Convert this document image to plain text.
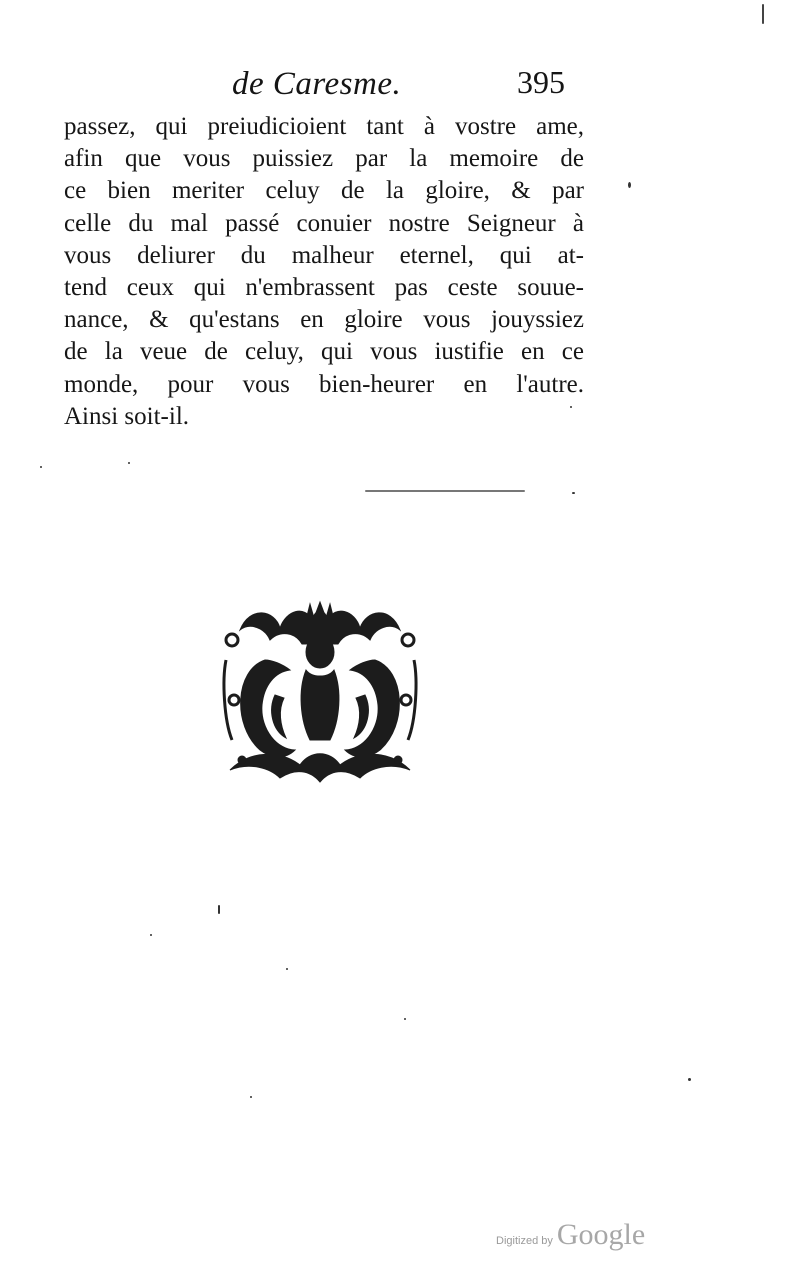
de Caresme.	395
passez, qui preiudicioient tant à vostre ame,
afin que vous puissiez par la memoire de
ce bien meriter celuy de la gloire, & par
celle du mal passé conuier nostre Seigneur à
vous deliurer du malheur eternel, qui at-
tend ceux qui n'embrassent pas ceste souue-
nance, & qu'estans en gloire vous jouyssiez
de la veue de celuy, qui vous iustifie en ce
monde, pour vous bien-heurer en l'autre.
Ainsi soit-il.
Digitized by Google
